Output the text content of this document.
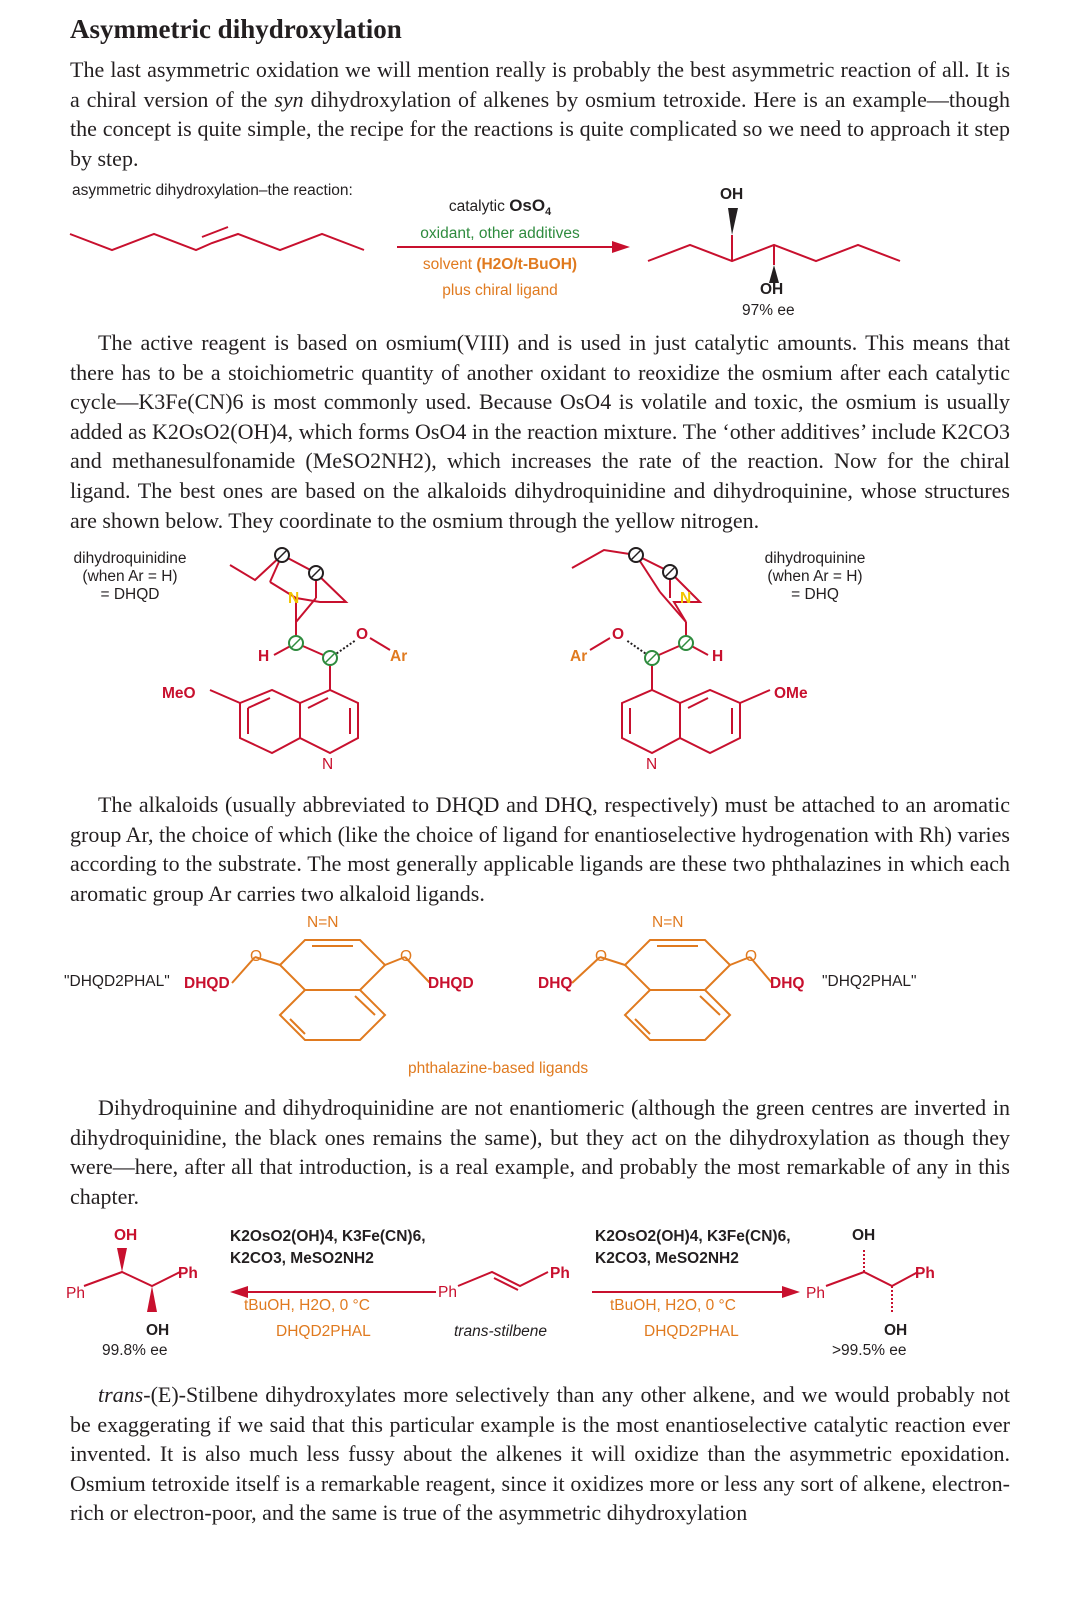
Asymmetric dihydroxylation

The last asymmetric oxidation we will mention really is probably the best asymmetric reaction of all. It is a chiral version of the syn dihydroxylation of alkenes by osmium tetroxide. Here is an example—though the concept is quite simple, the recipe for the reactions is quite complicated so we need to approach it step by step.

asymmetric dihydroxylation–the reaction:
catalytic OsO$_4$
oxidant, other additives
solvent (H2O/t-BuOH)
plus chiral ligand
OH
OH
97% ee

The active reagent is based on osmium(VIII) and is used in just catalytic amounts. This means that there has to be a stoichiometric quantity of another oxidant to reoxidize the osmium after each catalytic cycle—K3Fe(CN)6 is most commonly used. Because OsO4 is volatile and toxic, the osmium is usually added as K2OsO2(OH)4, which forms OsO4 in the reaction mixture. The ‘other additives’ include K2CO3 and methanesulfonamide (MeSO2NH2), which increases the rate of the reaction. Now for the chiral ligand. The best ones are based on the alkaloids dihydroquinidine and dihydroquinine, whose structures are shown below. They coordinate to the osmium through the yellow nitrogen.

dihydroquinidine
(when Ar = H)
= DHQD
dihydroquinine
(when Ar = H)
= DHQ
N
H
O
Ar
MeO
N
N
H
O
Ar
OMe
N

The alkaloids (usually abbreviated to DHQD and DHQ, respectively) must be attached to an aromatic group Ar, the choice of which (like the choice of ligand for enantioselective hydrogenation with Rh) varies according to the substrate. The most generally applicable ligands are these two phthalazines in which each aromatic group Ar carries two alkaloid ligands.

N=N	N=N
O	O	O	O
"DHQD2PHAL" DHQD	DHQD	DHQ	DHQ "DHQ2PHAL"
phthalazine-based ligands

Dihydroquinine and dihydroquinidine are not enantiomeric (although the green centres are inverted in dihydroquinidine, the black ones remains the same), but they act on the dihydroxylation as though they were—here, after all that introduction, is a real example, and probably the most remarkable of any in this chapter.

OH
Ph
Ph
OH
99.8% ee
K2OsO2(OH)4, K3Fe(CN)6,
K2CO3, MeSO2NH2
tBuOH, H2O, 0 °C
DHQD2PHAL
Ph
Ph
trans-stilbene
K2OsO2(OH)4, K3Fe(CN)6,
K2CO3, MeSO2NH2
tBuOH, H2O, 0 °C
DHQD2PHAL
OH
Ph
Ph
OH
>99.5% ee

trans-(E)-Stilbene dihydroxylates more selectively than any other alkene, and we would probably not be exaggerating if we said that this particular example is the most enantioselective catalytic reaction ever invented. It is also much less fussy about the alkenes it will oxidize than the asymmetric epoxidation. Osmium tetroxide itself is a remarkable reagent, since it oxidizes more or less any sort of alkene, electron-rich or electron-poor, and the same is true of the asymmetric dihydroxylation
